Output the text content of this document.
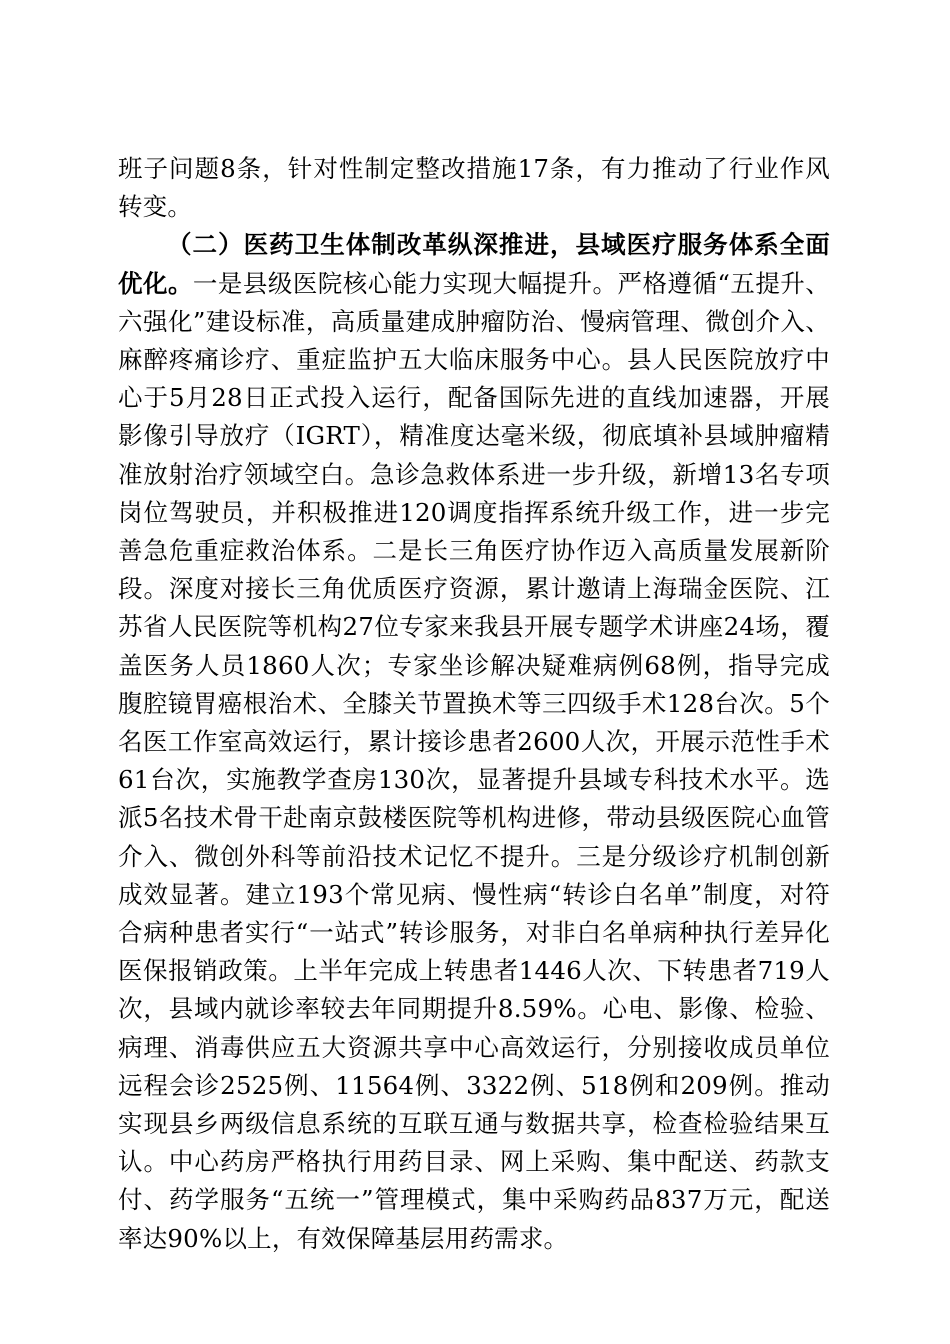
班子问题8条，针对性制定整改措施17条，有力推动了行业作风转变。

（二）医药卫生体制改革纵深推进，县域医疗服务体系全面优化。一是县级医院核心能力实现大幅提升。严格遵循“五提升、六强化”建设标准，高质量建成肿瘤防治、慢病管理、微创介入、麻醉疼痛诊疗、重症监护五大临床服务中心。县人民医院放疗中心于5月28日正式投入运行，配备国际先进的直线加速器，开展影像引导放疗（IGRT），精准度达毫米级，彻底填补县域肿瘤精准放射治疗领域空白。急诊急救体系进一步升级，新增13名专项岗位驾驶员，并积极推进120调度指挥系统升级工作，进一步完善急危重症救治体系。二是长三角医疗协作迈入高质量发展新阶段。深度对接长三角优质医疗资源，累计邀请上海瑞金医院、江苏省人民医院等机构27位专家来我县开展专题学术讲座24场，覆盖医务人员1860人次；专家坐诊解决疑难病例68例，指导完成腹腔镜胃癌根治术、全膝关节置换术等三四级手术128台次。5个名医工作室高效运行，累计接诊患者2600人次，开展示范性手术61台次，实施教学查房130次，显著提升县域专科技术水平。选派5名技术骨干赴南京鼓楼医院等机构进修，带动县级医院心血管介入、微创外科等前沿技术记忆不提升。三是分级诊疗机制创新成效显著。建立193个常见病、慢性病“转诊白名单”制度，对符合病种患者实行“一站式”转诊服务，对非白名单病种执行差异化医保报销政策。上半年完成上转患者1446人次、下转患者719人次，县域内就诊率较去年同期提升8.59%。心电、影像、检验、病理、消毒供应五大资源共享中心高效运行，分别接收成员单位远程会诊2525例、11564例、3322例、518例和209例。推动实现县乡两级信息系统的互联互通与数据共享，检查检验结果互认。中心药房严格执行用药目录、网上采购、集中配送、药款支付、药学服务“五统一”管理模式，集中采购药品837万元，配送率达90%以上，有效保障基层用药需求。
